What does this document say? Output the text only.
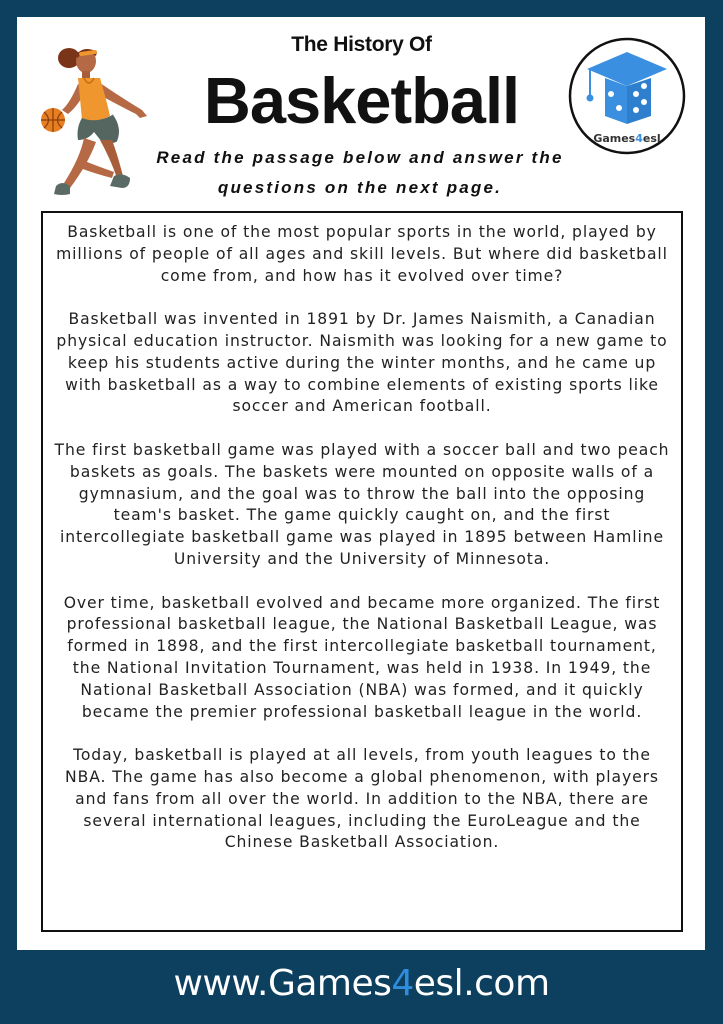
The History Of
Basketball
Read the passage below and answer the questions on the next page.
Games4esl

Basketball is one of the most popular sports in the world, played by millions of people of all ages and skill levels. But where did basketball come from, and how has it evolved over time?

Basketball was invented in 1891 by Dr. James Naismith, a Canadian physical education instructor. Naismith was looking for a new game to keep his students active during the winter months, and he came up with basketball as a way to combine elements of existing sports like soccer and American football.

The first basketball game was played with a soccer ball and two peach baskets as goals. The baskets were mounted on opposite walls of a gymnasium, and the goal was to throw the ball into the opposing team's basket. The game quickly caught on, and the first intercollegiate basketball game was played in 1895 between Hamline University and the University of Minnesota.

Over time, basketball evolved and became more organized. The first professional basketball league, the National Basketball League, was formed in 1898, and the first intercollegiate basketball tournament, the National Invitation Tournament, was held in 1938. In 1949, the National Basketball Association (NBA) was formed, and it quickly became the premier professional basketball league in the world.

Today, basketball is played at all levels, from youth leagues to the NBA. The game has also become a global phenomenon, with players and fans from all over the world. In addition to the NBA, there are several international leagues, including the EuroLeague and the Chinese Basketball Association.

www.Games4esl.com
